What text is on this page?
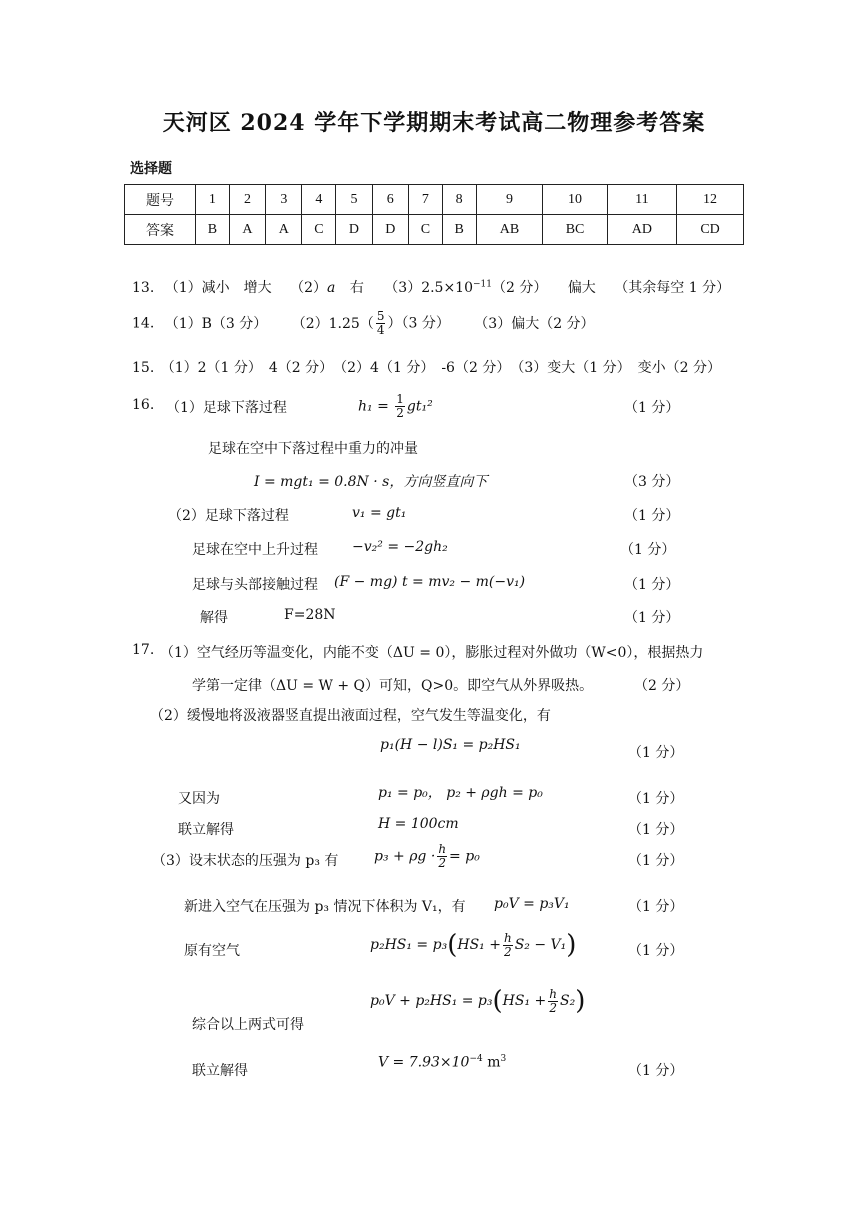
天河区 2024 学年下学期期末考试高二物理参考答案
选择题
题号	1	2	3	4	5	6	7	8	9	10	11	12
答案	B	A	A	C	D	D	C	B	AB	BC	AD	CD
13. （1）减小　增大 （2）a 右 $(3)2.5\times 10^{-11}(2$ 分） 偏大 （其余每空 1 分）
14. （1）B（3 分） $(2)1.25( \frac{5}{4} )(3$ 分） （3）偏大（2 分）
15. （1）2（1 分）　4（2 分）　（2）4（1 分）　-6（2 分）　（3）变大（1 分）　变小（2 分）
16. （1）足球下落过程	$h_1 = \frac{1}{2} gt_1^2$	（1 分）
足球在空中下落过程中重力的冲量
I = mgt₁ = 0.8N · s，方向竖直向下	（3 分）
（2）足球下落过程	v₁ = gt₁	（1 分）
足球在空中上升过程 −v₂² = −2gh₂	（1 分）
足球与头部接触过程 (F − mg) t = mv₂ − m(−v₁)	（1 分）
解得	F=28N	（1 分）
17. （1）空气经历等温变化，内能不变（ΔU = 0），膨胀过程对外做功（W<0），根据热力
学第一定律（ΔU = W + Q）可知，Q>0。即空气从外界吸热。	（2 分）
（2）缓慢地将汲液器竖直提出液面过程，空气发生等温变化，有
p₁(H − l)S₁ = p₂HS₁	（1 分）
又因为	p₁ = p₀， p₂ + ρgh = p₀	（1 分）
联立解得	H = 100cm	（1 分）
（3）设末状态的压强为 p₃ 有	$p_3 + \rho g \cdot \frac{h}{2} = p_0$	（1 分）
新进入空气在压强为 p₃ 情况下体积为 V₁，有 p₀V = p₃V₁	（1 分）
原有空气	$p_2HS_1 = p_3(HS_1 + \frac{h}{2} S_2 - V_1)$	（1 分）
综合以上两式可得
$p_0V + p_2HS_1 = p_3(HS_1 + \frac{h}{2} S_2)$
联立解得
$V = 7.93\times 10^{-4}$ $m^3$
（1 分）
